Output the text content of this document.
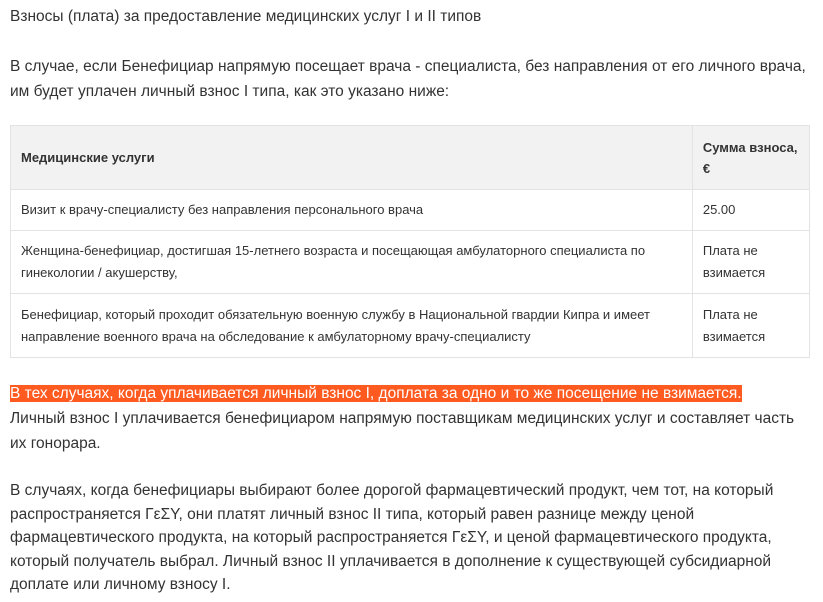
Взносы (плата) за предоставление медицинских услуг I и II типов
В случае, если Бенефициар напрямую посещает врача - специалиста, без направления от его личного врача, им будет уплачен личный взнос I типа, как это указано ниже:
Медицинские услуги	Сумма взноса, €
Визит к врачу-специалисту без направления персонального врача	25.00
Женщина-бенефициар, достигшая 15-летнего возраста и посещающая амбулаторного специалиста по гинекологии / акушерству,	Плата не взимается
Бенефициар, который проходит обязательную военную службу в Национальной гвардии Кипра и имеет направление военного врача на обследование к амбулаторному врачу-специалисту	Плата не взимается
В тех случаях, когда уплачивается личный взнос I, доплата за одно и то же посещение не взимается.
Личный взнос I уплачивается бенефициаром напрямую поставщикам медицинских услуг и составляет часть их гонорара.
В случаях, когда бенефициары выбирают более дорогой фармацевтический продукт, чем тот, на который распространяется ΓεΣΥ, они платят личный взнос II типа, который равен разнице между ценой фармацевтического продукта, на который распространяется ΓεΣΥ, и ценой фармацевтического продукта, который получатель выбрал. Личный взнос II уплачивается в дополнение к существующей субсидиарной доплате или личному взносу I.
